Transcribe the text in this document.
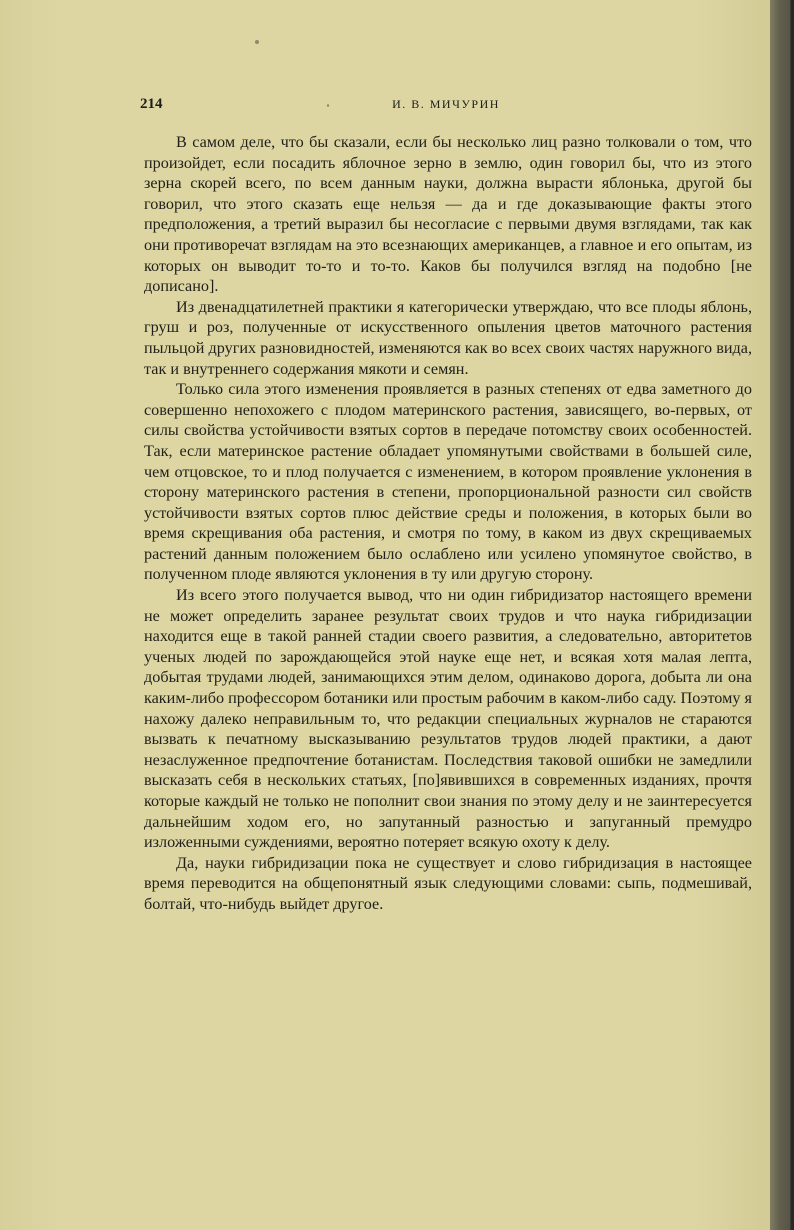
214	И. В. МИЧУРИН

В самом деле, что бы сказали, если бы несколько лиц разно толковали о том, что произойдет, если посадить яблочное зерно в землю, один говорил бы, что из этого зерна скорей всего, по всем данным науки, должна вырасти яблонька, другой бы говорил, что этого сказать еще нельзя — да и где доказывающие факты этого предположения, а третий выразил бы несогласие с первыми двумя взглядами, так как они противоречат взглядам на это всезнающих американцев, а главное и его опытам, из которых он выводит то-то и то-то. Каков бы получился взгляд на подобно [не дописано].

Из двенадцатилетней практики я категорически утверждаю, что все плоды яблонь, груш и роз, полученные от искусственного опыления цветов маточного растения пыльцой других разновидностей, изменяются как во всех своих частях наружного вида, так и внутреннего содержания мякоти и семян.

Только сила этого изменения проявляется в разных степенях от едва заметного до совершенно непохожего с плодом материнского растения, зависящего, во-первых, от силы свойства устойчивости взятых сортов в передаче потомству своих особенностей. Так, если материнское растение обладает упомянутыми свойствами в большей силе, чем отцовское, то и плод получается с изменением, в котором проявление уклонения в сторону материнского растения в степени, пропорциональной разности сил свойств устойчивости взятых сортов плюс действие среды и положения, в которых были во время скрещивания оба растения, и смотря по тому, в каком из двух скрещиваемых растений данным положением было ослаблено или усилено упомянутое свойство, в полученном плоде являются уклонения в ту или другую сторону.

Из всего этого получается вывод, что ни один гибридизатор настоящего времени не может определить заранее результат своих трудов и что наука гибридизации находится еще в такой ранней стадии своего развития, а следовательно, авторитетов ученых людей по зарождающейся этой науке еще нет, и всякая хотя малая лепта, добытая трудами людей, занимающихся этим делом, одинаково дорога, добыта ли она каким-либо профессором ботаники или простым рабочим в каком-либо саду. Поэтому я нахожу далеко неправильным то, что редакции специальных журналов не стараются вызвать к печатному высказыванию результатов трудов людей практики, а дают незаслуженное предпочтение ботанистам. Последствия таковой ошибки не замедлили высказать себя в нескольких статьях, [по]явившихся в современных изданиях, прочтя которые каждый не только не пополнит свои знания по этому делу и не заинтересуется дальнейшим ходом его, но запутанный разностью и запуганный премудро изложенными суждениями, вероятно потеряет всякую охоту к делу.

Да, науки гибридизации пока не существует и слово гибридизация в настоящее время переводится на общепонятный язык следующими словами: сыпь, подмешивай, болтай, что-нибудь выйдет другое.
